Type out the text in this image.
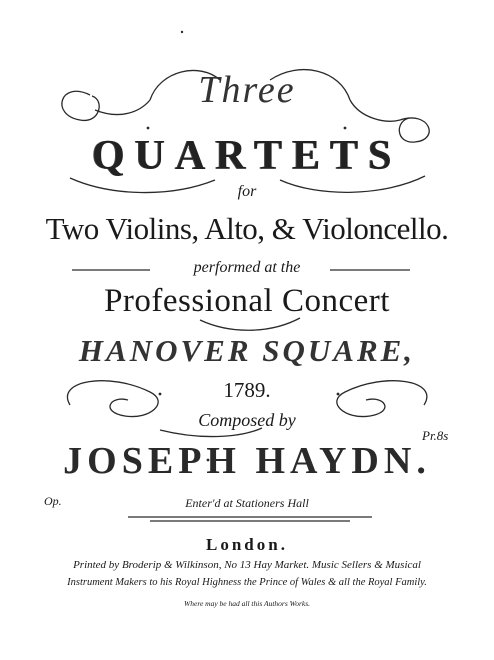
Three
QUARTETS
for
Two Violins, Alto, & Violoncello.
performed at the
Professional Concert
HANOVER SQUARE,
1789.
Composed by
JOSEPH HAYDN.
Pr.8s
Op.	Enter'd at Stationers Hall
London.
Printed by Broderip & Wilkinson, No 13 Hay Market. Music Sellers & Musical
Instrument Makers to his Royal Highness the Prince of Wales & all the Royal Family.
Where may be had all this Authors Works.
